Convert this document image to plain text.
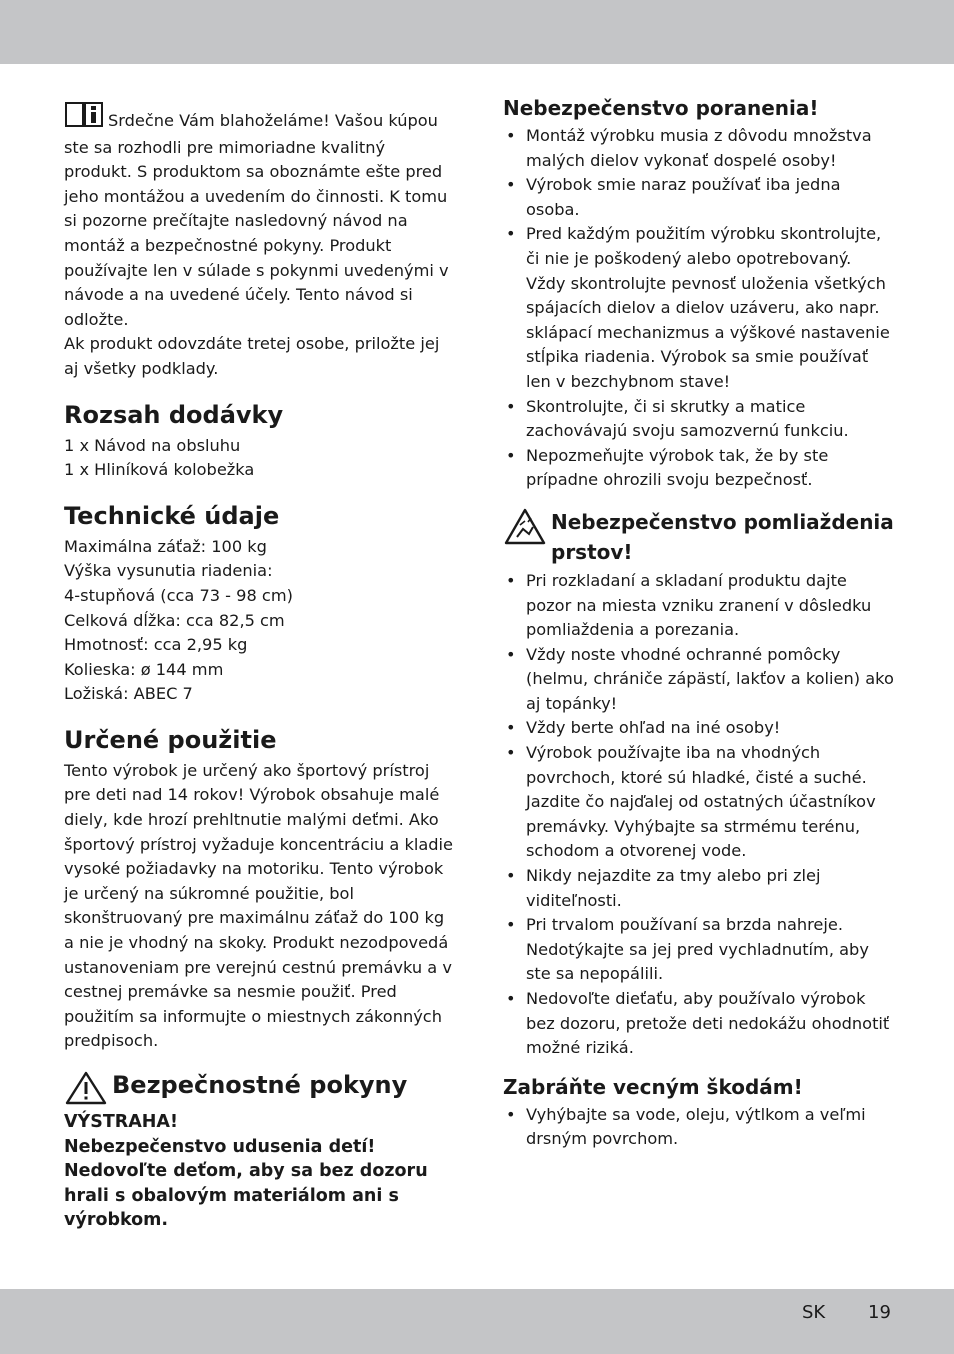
Srdečne Vám blahoželáme! Vašou kúpou ste sa rozhodli pre mimoriadne kvalitný produkt. S produktom sa oboznámte ešte pred jeho montážou a uvedením do činnosti. K tomu si pozorne prečítajte nasledovný návod na montáž a bezpečnostné pokyny. Produkt používajte len v súlade s pokynmi uvedenými v návode a na uvedené účely. Tento návod si odložte.
Ak produkt odovzdáte tretej osobe, priložte jej aj všetky podklady.

Rozsah dodávky

1 x Návod na obsluhu
1 x Hliníková kolobežka

Technické údaje

Maximálna záťaž: 100 kg
Výška vysunutia riadenia:
4-stupňová (cca 73 - 98 cm)
Celková dĺžka: cca 82,5 cm
Hmotnosť: cca 2,95 kg
Kolieska: ø 144 mm
Ložiská: ABEC 7

Určené použitie

Tento výrobok je určený ako športový prístroj pre deti nad 14 rokov! Výrobok obsahuje malé diely, kde hrozí prehltnutie malými deťmi. Ako športový prístroj vyžaduje koncentráciu a kladie vysoké požiadavky na motoriku. Tento výrobok je určený na súkromné použitie, bol skonštruovaný pre maximálnu záťaž do 100 kg a nie je vhodný na skoky. Produkt nezodpovedá ustanoveniam pre verejnú cestnú premávku a v cestnej premávke sa nesmie použiť. Pred použitím sa informujte o miestnych zákonných predpisoch.

Bezpečnostné pokyny

VÝSTRAHA!
Nebezpečenstvo udusenia detí!
Nedovoľte deťom, aby sa bez dozoru hrali s obalovým materiálom ani s výrobkom.

Nebezpečenstvo poranenia!
• Montáž výrobku musia z dôvodu množstva malých dielov vykonať dospelé osoby!
• Výrobok smie naraz používať iba jedna osoba.
• Pred každým použitím výrobku skontrolujte, či nie je poškodený alebo opotrebovaný. Vždy skontrolujte pevnosť uloženia všetkých spájacích dielov a dielov uzáveru, ako napr. sklápací mechanizmus a výškové nastavenie stĺpika riadenia. Výrobok sa smie používať len v bezchybnom stave!
• Skontrolujte, či si skrutky a matice zachovávajú svoju samozvernú funkciu.
• Nepozmeňujte výrobok tak, že by ste prípadne ohrozili svoju bezpečnosť.
Nebezpečenstvo pomliaždenia prstov!
• Pri rozkladaní a skladaní produktu dajte pozor na miesta vzniku zranení v dôsledku pomliaždenia a porezania.
• Vždy noste vhodné ochranné pomôcky (helmu, chrániče zápästí, lakťov a kolien) ako aj topánky!
• Vždy berte ohľad na iné osoby!
• Výrobok používajte iba na vhodných povrchoch, ktoré sú hladké, čisté a suché. Jazdite čo najďalej od ostatných účastníkov premávky. Vyhýbajte sa strmému terénu, schodom a otvorenej vode.
• Nikdy nejazdite za tmy alebo pri zlej viditeľnosti.
• Pri trvalom používaní sa brzda nahreje. Nedotýkajte sa jej pred vychladnutím, aby ste sa nepopálili.
• Nedovoľte dieťaťu, aby používalo výrobok bez dozoru, pretože deti nedokážu ohodnotiť možné riziká.
Zabráňte vecným škodám!
• Vyhýbajte sa vode, oleju, výtlkom a veľmi drsným povrchom.
SK 19
